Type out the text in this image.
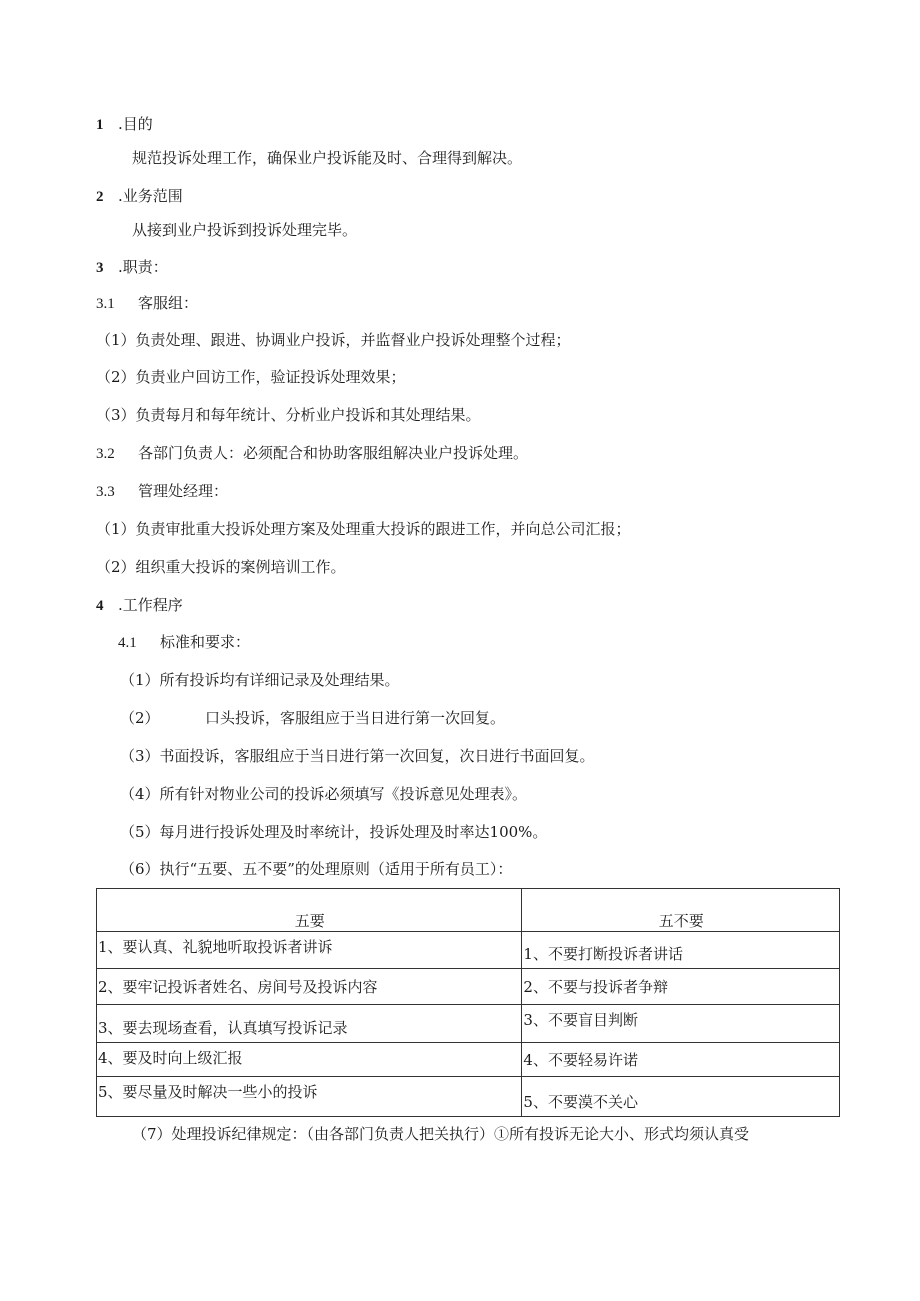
1 .目的
规范投诉处理工作，确保业户投诉能及时、合理得到解决。
2 .业务范围
从接到业户投诉到投诉处理完毕。
3 .职责：
3.1 客服组：
（1）负责处理、跟进、协调业户投诉，并监督业户投诉处理整个过程；
（2）负责业户回访工作，验证投诉处理效果；
（3）负责每月和每年统计、分析业户投诉和其处理结果。
3.2 各部门负责人：必须配合和协助客服组解决业户投诉处理。
3.3 管理处经理：
（1）负责审批重大投诉处理方案及处理重大投诉的跟进工作，并向总公司汇报；
（2）组织重大投诉的案例培训工作。
4 .工作程序
4.1 标准和要求：
（1）所有投诉均有详细记录及处理结果。
（2）	口头投诉，客服组应于当日进行第一次回复。
（3）书面投诉，客服组应于当日进行第一次回复，次日进行书面回复。
（4）所有针对物业公司的投诉必须填写《投诉意见处理表》。
（5）每月进行投诉处理及时率统计，投诉处理及时率达100%。
（6）执行“五要、五不要”的处理原则（适用于所有员工）：
五要	五不要
1、要认真、礼貌地听取投诉者讲诉	1、不要打断投诉者讲话
2、要牢记投诉者姓名、房间号及投诉内容	2、不要与投诉者争辩
3、要去现场查看，认真填写投诉记录	3、不要盲目判断
4、要及时向上级汇报	4、不要轻易许诺
5、要尽量及时解决一些小的投诉	5、不要漠不关心
（7）处理投诉纪律规定：（由各部门负责人把关执行）①所有投诉无论大小、形式均须认真受
